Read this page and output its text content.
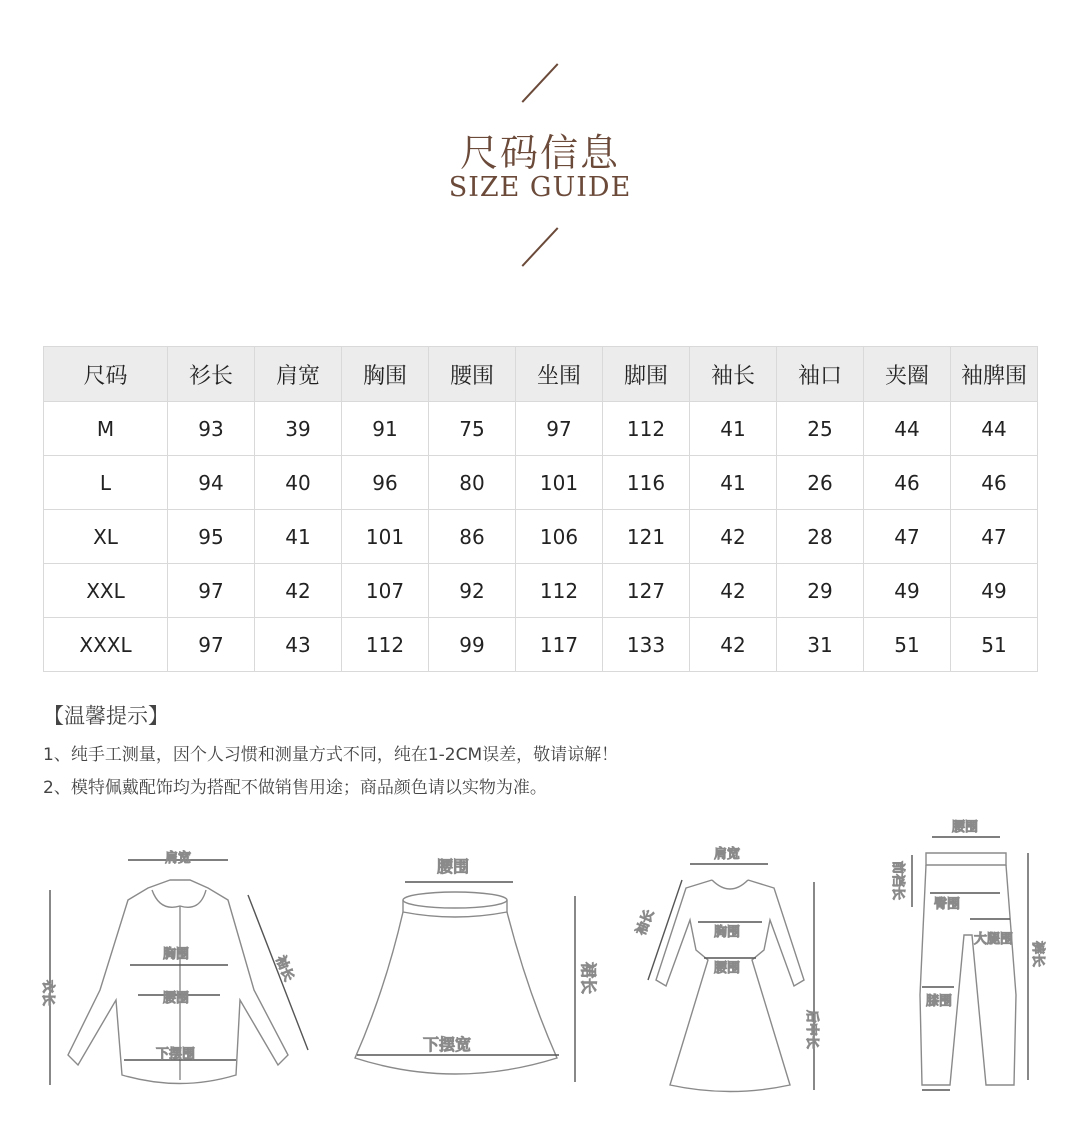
尺码信息
SIZE GUIDE
尺码	衫长	肩宽	胸围	腰围	坐围	脚围	袖长	袖口	夹圈	袖脾围
M	93	39	91	75	97	112	41	25	44	44
L	94	40	96	80	101	116	41	26	46	46
XL	95	41	101	86	106	121	42	28	47	47
XXL	97	42	107	92	112	127	42	29	49	49
XXXL	97	43	112	99	117	133	42	31	51	51
【温馨提示】
1、纯手工测量，因个人习惯和测量方式不同，纯在1-2CM误差，敬请谅解！
2、模特佩戴配饰均为搭配不做销售用途；商品颜色请以实物为准。
肩宽
胸围
腰围
下摆围
衣长
袖长
腰围
下摆宽
裙长
肩宽
袖长	胸围
腰围
后中长
腰围
前裆长
臀围
大腿围
膝围
裤长
